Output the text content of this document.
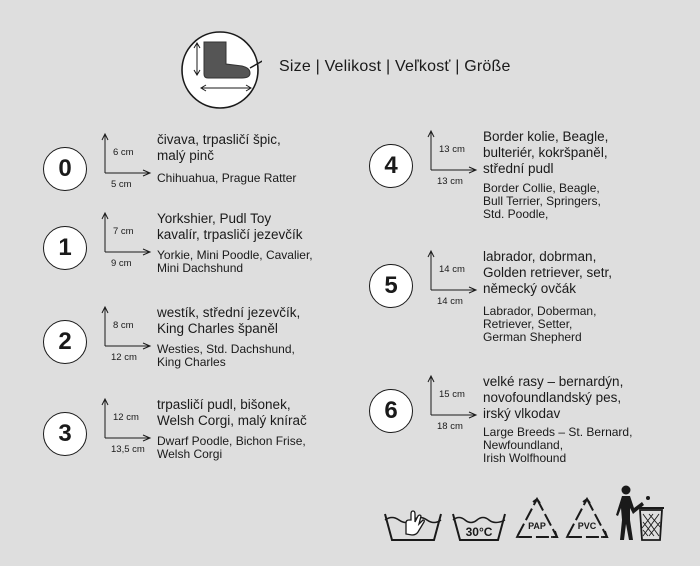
Size | Velikost | Veľkosť | Größe
0
6 cm
5 cm
čivava, trpasličí špic,
malý pinč
Chihuahua, Prague Ratter
1
7 cm
9 cm
Yorkshier, Pudl Toy
kavalír, trpasličí jezevčík
Yorkie, Mini Poodle, Cavalier,
Mini Dachshund
2
8 cm
12 cm
westík, střední jezevčík,
King Charles španěl
Westies, Std. Dachshund,
King Charles
3
12 cm
13,5 cm
trpasličí pudl, bišonek,
Welsh Corgi, malý knírač
Dwarf Poodle, Bichon Frise,
Welsh Corgi
4
13 cm
13 cm
Border kolie, Beagle,
bulteriér, kokršpaněl,
střední pudl
Border Collie, Beagle,
Bull Terrier, Springers,
Std. Poodle,
5
14 cm
14 cm
labrador, dobrman,
Golden retriever, setr,
německý ovčák
Labrador, Doberman,
Retriever, Setter,
German Shepherd
6
15 cm
18 cm
velké rasy – bernardýn,
novofoundlandský pes,
irský vlkodav
Large Breeds – St. Bernard,
Newfoundland,
Irish Wolfhound
30°C	PAP	PVC
